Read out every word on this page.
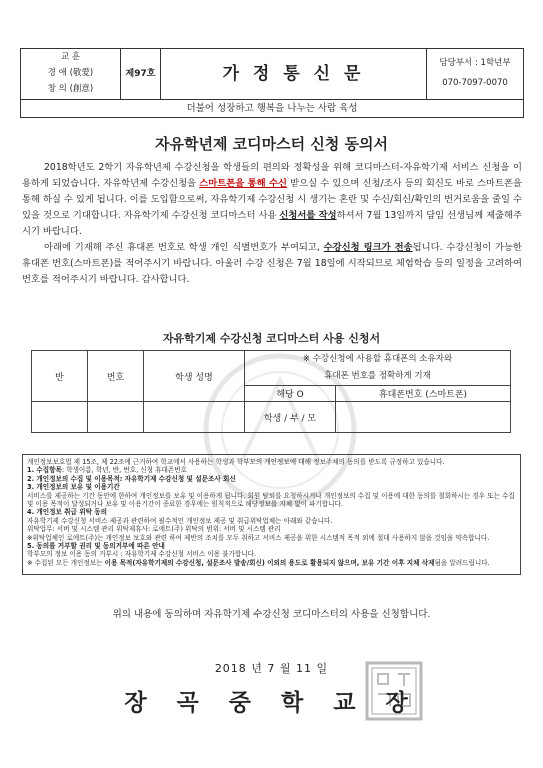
교 훈
경 애 (敬愛)
창 의 (創意)
제97호	가 정 통 신 문
담당부서 : 1학년부
070-7097-0070
더불어 성장하고 행복을 나누는 사람 육성
자유학년제 코디마스터 신청 동의서
2018학년도 2학기 자유학년제 수강신청을 학생들의 편의와 정확성을 위해 코디마스터-자유학기제 서비스 신청을 이용하게 되었습니다. 자유학년제 수강신청을 스마트폰을 통해 수신 받으실 수 있으며 신청/조사 등의 회신도 바로 스마트폰을 통해 하실 수 있게 됩니다. 이를 도입함으로써, 자유학기제 수강신청 시 생기는 혼란 및 수신/회신/확인의 번거로움을 줄일 수 있을 것으로 기대합니다. 자유학기제 수강신청 코디마스터 사용 신청서를 작성하셔서 7월 13일까지 담임 선생님께 제출해주시기 바랍니다.
아래에 기재해 주신 휴대폰 번호로 학생 개인 식별번호가 부여되고, 수강신청 링크가 전송됩니다. 수강신청이 가능한 휴대폰 번호(스마트폰)를 적어주시기 바랍니다. 아울러 수강 신청은 7월 18일에 시작되므로 체험학습 등의 일정을 고려하여 번호를 적어주시기 바랍니다. 감사합니다.
자유학기제 수강신청 코디마스터 사용 신청서
반	번호	학생 성명	※ 수강신청에 사용할 휴대폰의 소유자와
휴대폰 번호를 정확하게 기재	

			해당 O	휴대폰번호 (스마트폰)
			학생 / 부 / 모	
개인정보보호법 제 15조, 제 22조에 근거하여 학교에서 사용하는 학생과 학부모의 개인정보에 대해 정보주체의 동의를 받도록 규정하고 있습니다.
1. 수집항목: 학생이름, 학년, 반, 번호, 신청 휴대폰번호
2. 개인정보의 수집 및 이용목적: 자유학기제 수강신청 및 설문조사 회신
3. 개인정보의 보유 및 이용기간
서비스를 제공하는 기간 동안에 한하여 개인정보를 보유 및 이용하게 됩니다. 회원 탈퇴를 요청하시거나 개인정보의 수집 및 이용에 대한 동의를 철회하시는 경우 또는 수집 및 이용 목적이 달성되거나 보유 및 이용기간이 종료한 경우에는 원칙적으로 해당정보를 지체 없이 파기합니다.
4. 개인정보 취급 위탁 동의
자유학기제 수강신청 서비스 제공과 관련하여 필수적인 개인정보 제공 및 취급위탁업체는 아래와 같습니다.
위탁업무: 서버 및 시스템 관리 위탁제휴사: 로에트(주) 위탁의 범위: 서버 및 시스템 관리
※위탁업체인 로에트(주)는 개인정보 보호와 관련 하여 제반의 조치를 모두 취하고 서비스 제공을 위한 시스템적 목적 외에 절대 사용하지 않을 것임을 약속합니다.
5. 동의를 거부할 권리 및 동의거부에 따른 안내
학부모의 정보 이용 동의 거부시 : 자유학기제 수강신청 서비스 이용 불가합니다.
※ 수집된 모든 개인정보는 이용 목적(자유학기제의 수강신청, 설문조사 발송/회신) 이외의 용도로 활용되지 않으며, 보유 기간 이후 지체 삭제됨을 알려드립니다.
위의 내용에 동의하며 자유학기제 수강신청 코디마스터의 사용을 신청합니다.
2018 년 7 월 11 일
장 곡 중 학 교 장
